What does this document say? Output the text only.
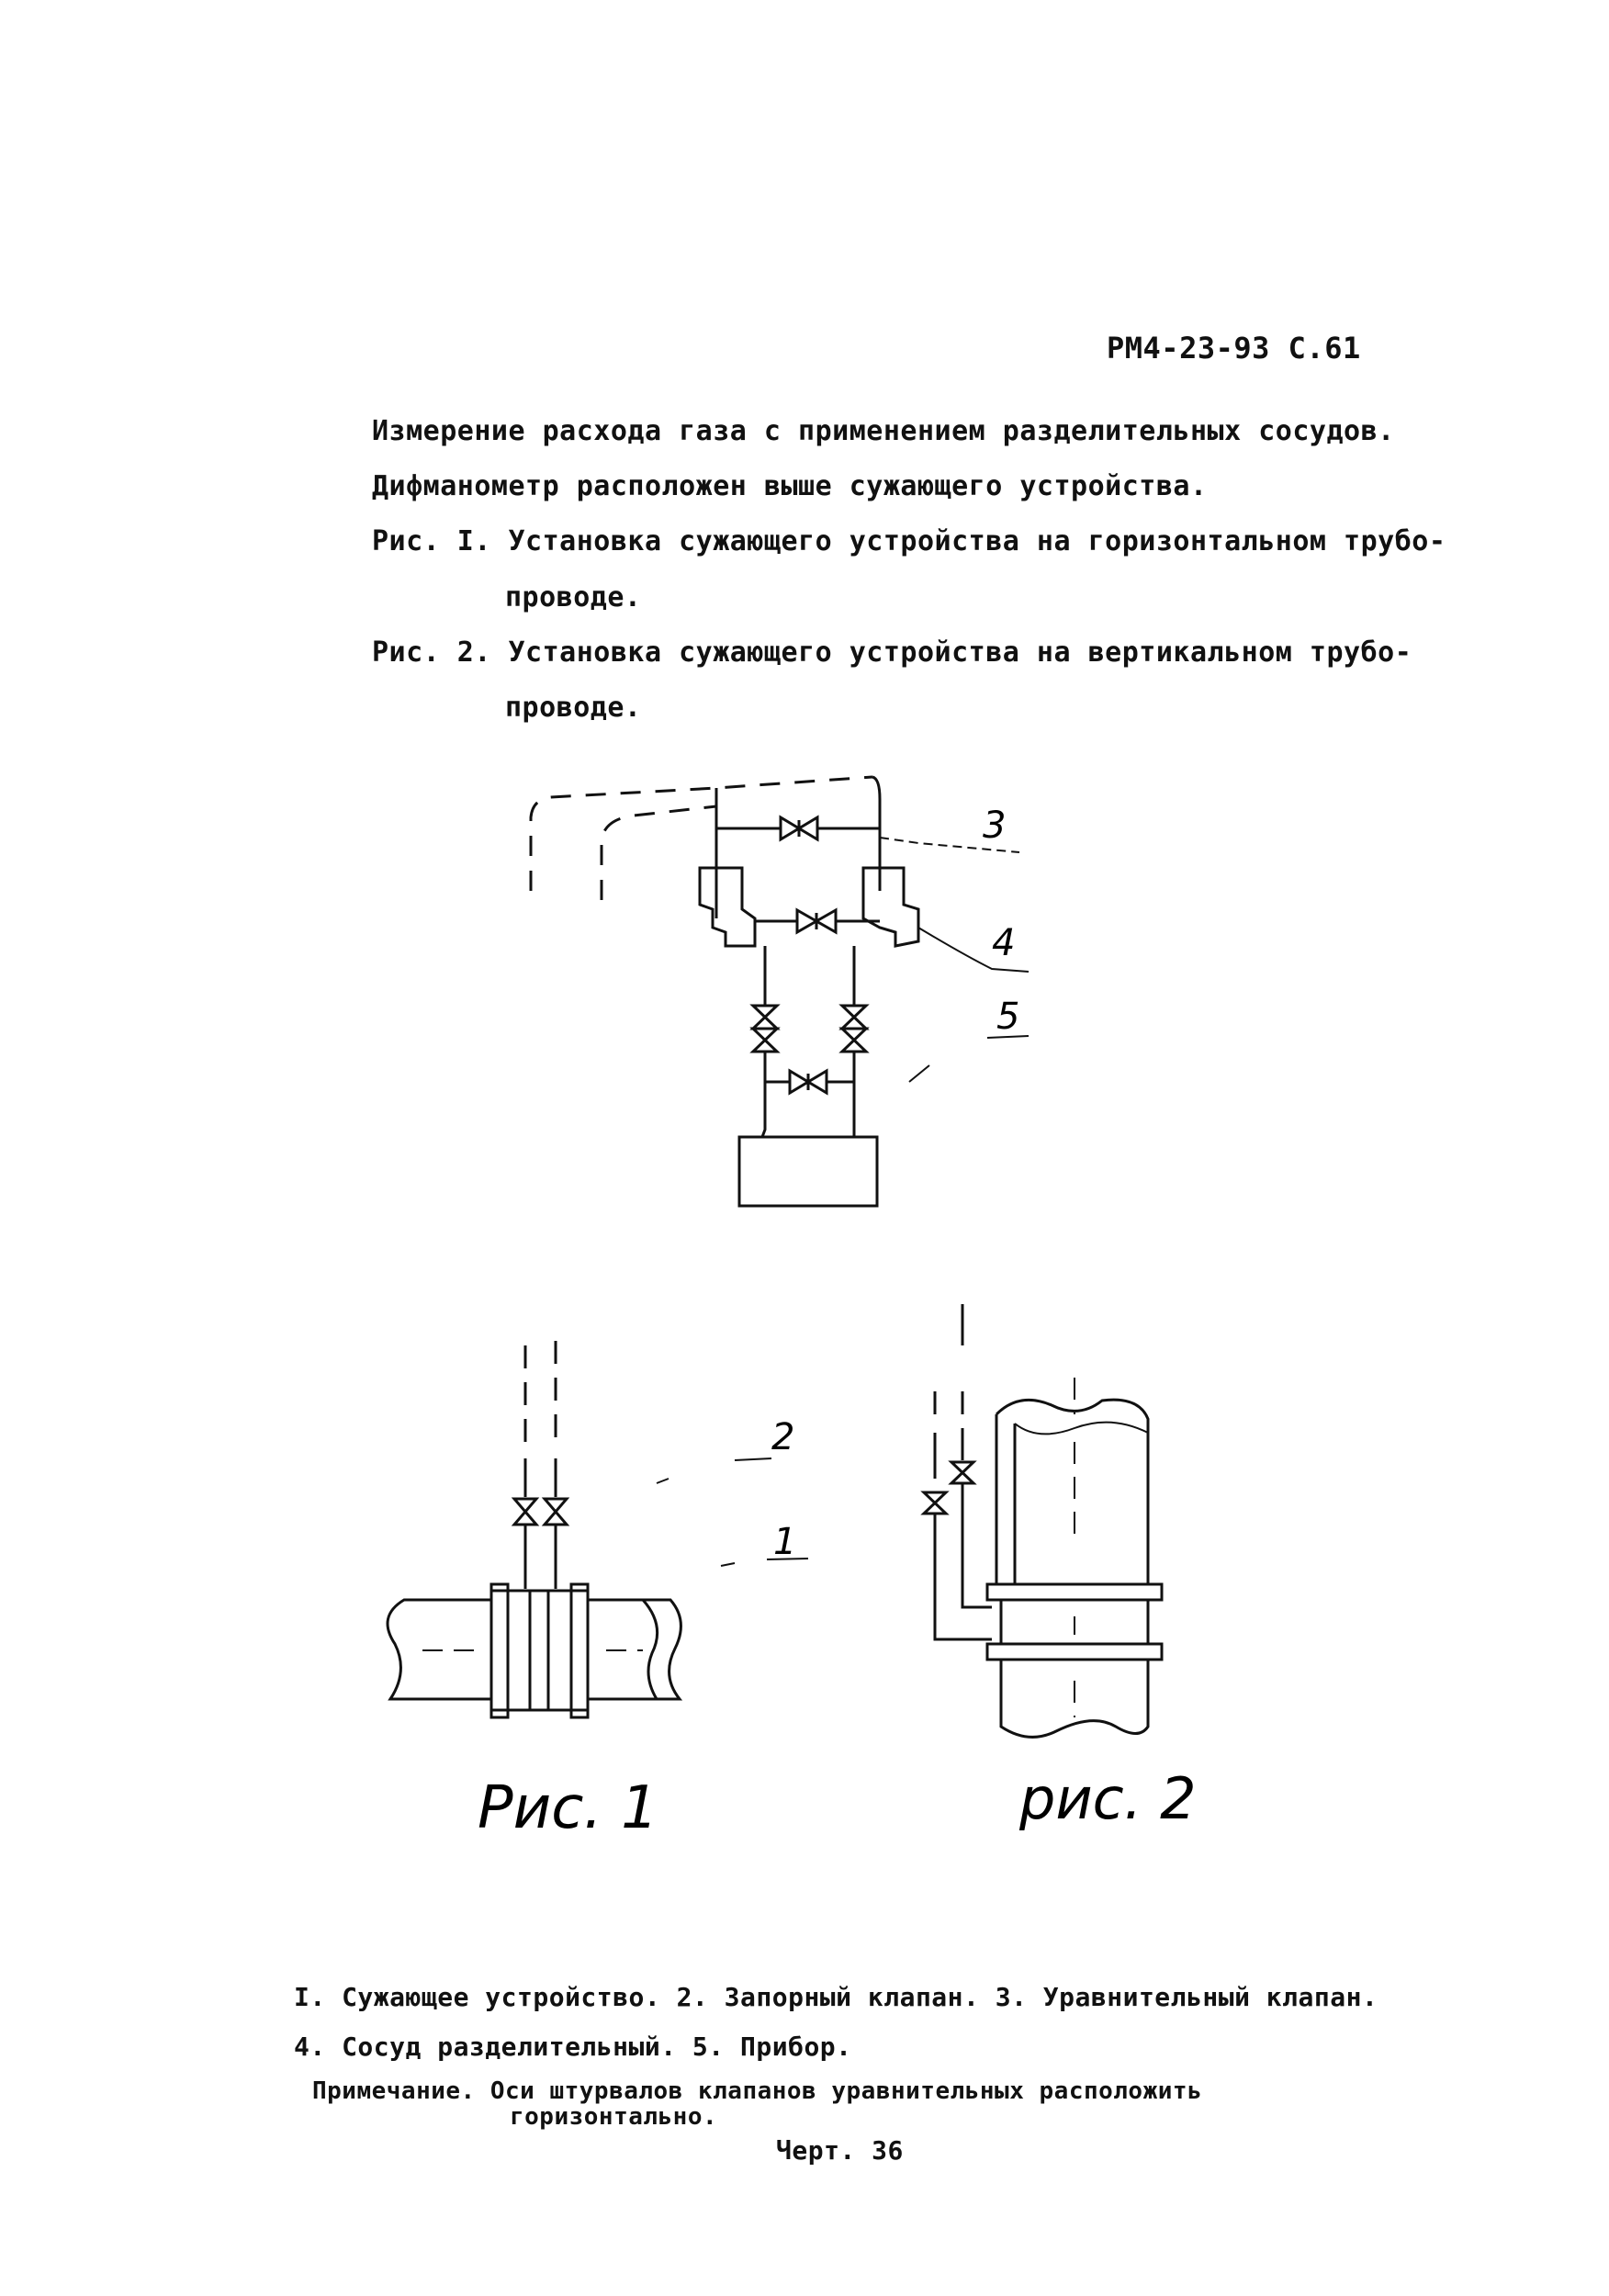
РМ4-23-93 С.61
Измерение расхода газа с применением разделительных сосудов.
Дифманометр расположен выше сужающего устройства.
Рис. I. Установка сужающего устройства на горизонтальном трубо-
проводе.
Рис. 2. Установка сужающего устройства на вертикальном трубо-
проводе.
3
4
5
2
1
Рис. 1	рис. 2
I. Сужающее устройство. 2. Запорный клапан. 3. Уравнительный клапан.
4. Сосуд разделительный. 5. Прибор.
Примечание. Оси штурвалов клапанов уравнительных расположить
горизонтально.
Черт. 36
